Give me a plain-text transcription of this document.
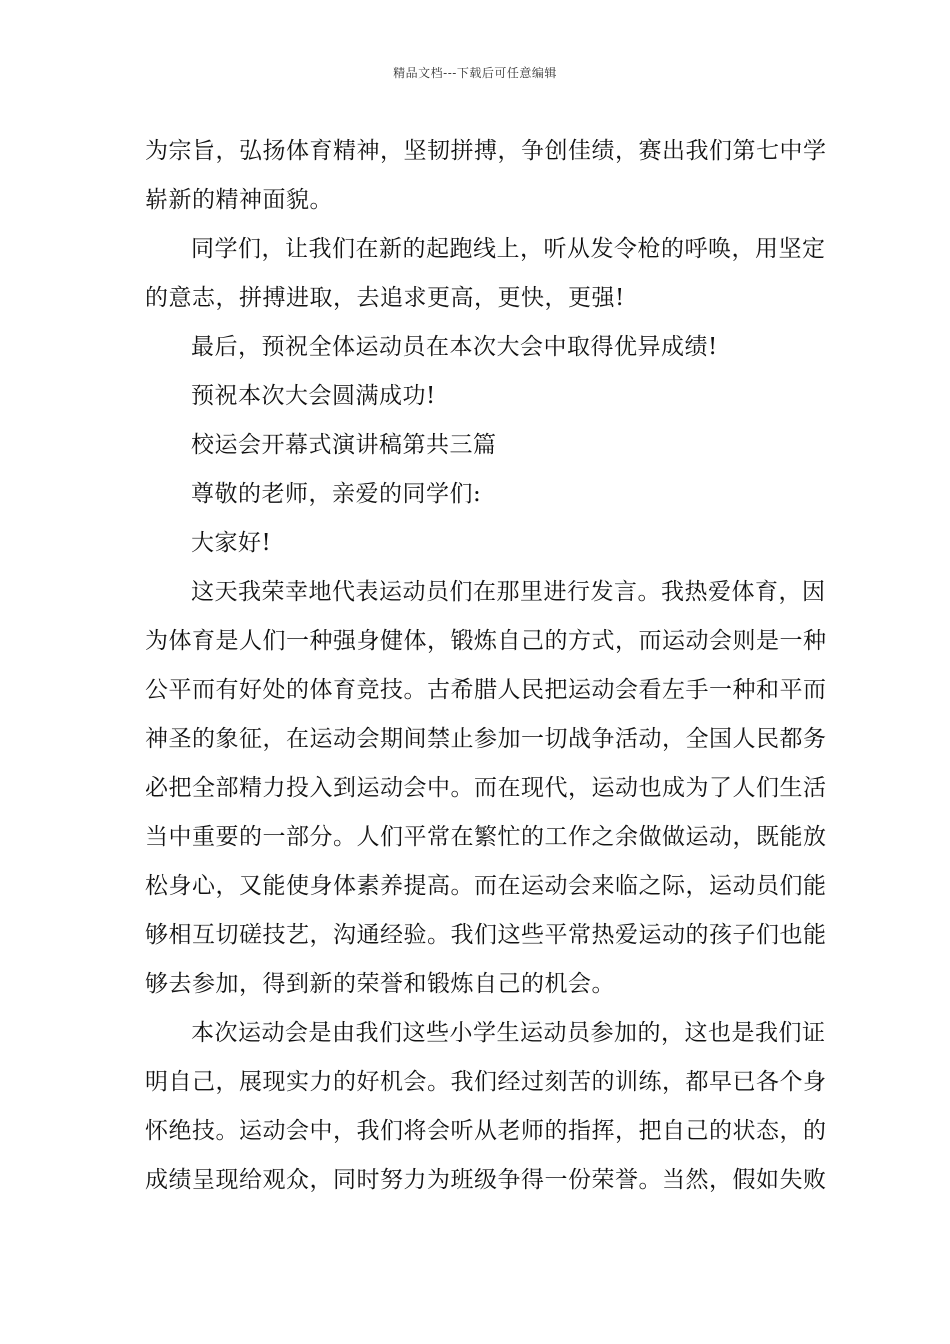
精品文档---下载后可任意编辑

为宗旨，弘扬体育精神，坚韧拼搏，争创佳绩，赛出我们第七中学

崭新的精神面貌。

同学们，让我们在新的起跑线上，听从发令枪的呼唤，用坚定

的意志，拼搏进取，去追求更高，更快，更强!

最后，预祝全体运动员在本次大会中取得优异成绩!

预祝本次大会圆满成功!

校运会开幕式演讲稿第共三篇

尊敬的老师，亲爱的同学们:

大家好!

这天我荣幸地代表运动员们在那里进行发言。我热爱体育，因

为体育是人们一种强身健体，锻炼自己的方式，而运动会则是一种

公平而有好处的体育竞技。古希腊人民把运动会看左手一种和平而

神圣的象征，在运动会期间禁止参加一切战争活动，全国人民都务

必把全部精力投入到运动会中。而在现代，运动也成为了人们生活

当中重要的一部分。人们平常在繁忙的工作之余做做运动，既能放

松身心，又能使身体素养提高。而在运动会来临之际，运动员们能

够相互切磋技艺，沟通经验。我们这些平常热爱运动的孩子们也能

够去参加，得到新的荣誉和锻炼自己的机会。

本次运动会是由我们这些小学生运动员参加的，这也是我们证

明自己，展现实力的好机会。我们经过刻苦的训练，都早已各个身

怀绝技。运动会中，我们将会听从老师的指挥，把自己的状态，的

成绩呈现给观众，同时努力为班级争得一份荣誉。当然，假如失败
